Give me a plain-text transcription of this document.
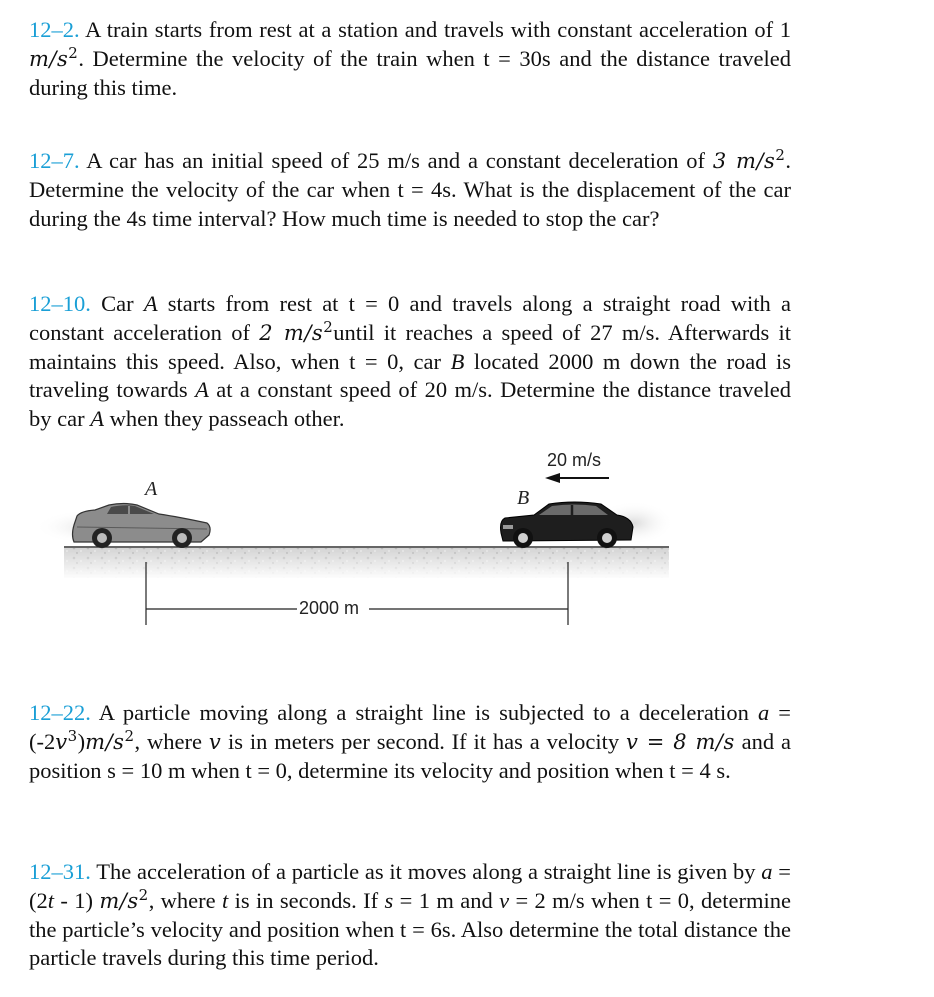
12–2. A train starts from rest at a station and travels with constant acceleration of 1 $m/s^2$. Determine the velocity of the train when t = 30s and the distance traveled during this time.

12–7. A car has an initial speed of 25 m/s and a constant deceleration of 3 $m/s^2$. Determine the velocity of the car when t = 4s. What is the displacement of the car during the 4s time interval? How much time is needed to stop the car?

12–10. Car A starts from rest at t = 0 and travels along a straight road with a constant acceleration of 2 $m/s^2until$ it reaches a speed of 27 m/s. Afterwards it maintains this speed. Also, when t = 0, car B located 2000 m down the road is traveling towards A at a constant speed of 20 m/s. Determine the distance traveled by car A when they passeach other.

20 m/s
A	B
2000 m

12–22. A particle moving along a straight line is subjected to a deceleration $a = (-2v^3)m/s^2$, where v is in meters per second. If it has a velocity v = 8 m/s and a position s = 10 m when t = 0, determine its velocity and position when t = 4 s.

12–31. The acceleration of a particle as it moves along a straight line is given by a = (2t - 1) $m/s^2$, where t is in seconds. If s = 1 m and v = 2 m/s when t = 0, determine the particle’s velocity and position when t = 6s. Also determine the total distance the particle travels during this time period.
